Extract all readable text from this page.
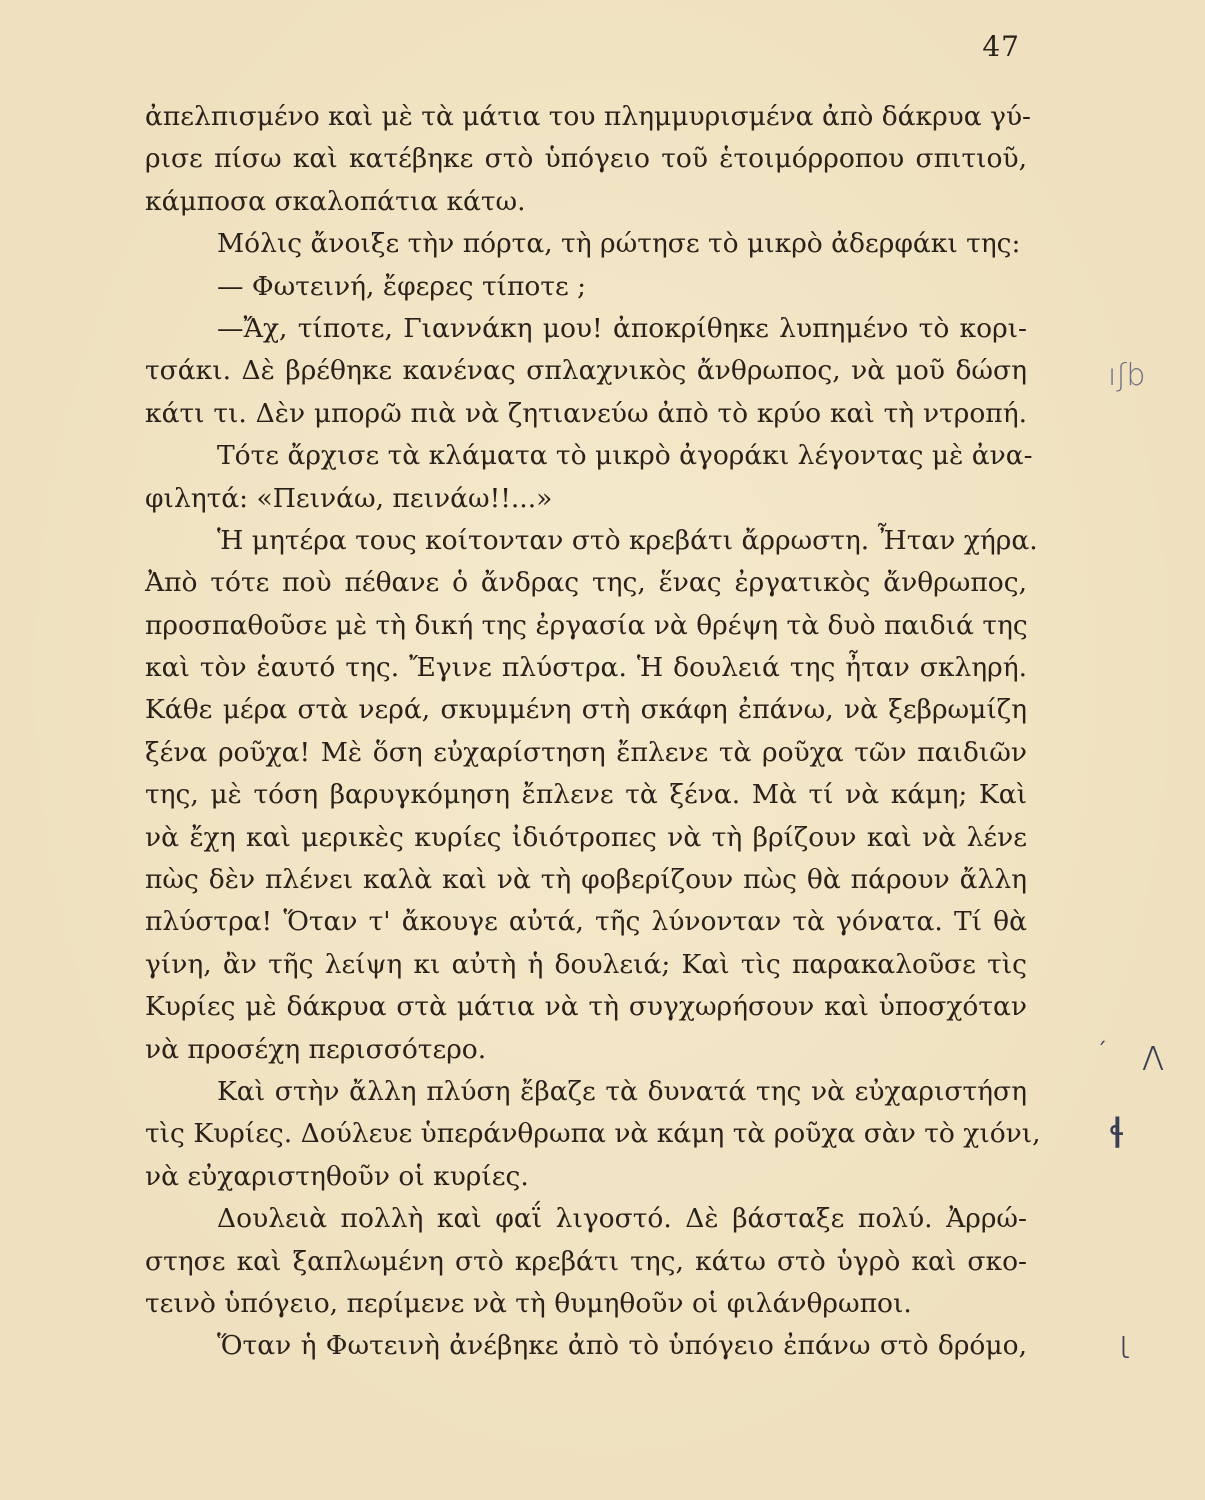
47
ἀπελπισμένο καὶ μὲ τὰ μάτια του πλημμυρισμένα ἀπὸ δάκρυα γύ-
ρισε πίσω καὶ κατέβηκε στὸ ὑπόγειο τοῦ ἑτοιμόρροπου σπιτιοῦ,
κάμποσα σκαλοπάτια κάτω.
Μόλις ἄνοιξε τὴν πόρτα, τὴ ρώτησε τὸ μικρὸ ἀδερφάκι της:
— Φωτεινή, ἔφερες τίποτε ;
—Ἄχ, τίποτε, Γιαννάκη μου! ἀποκρίθηκε λυπημένο τὸ κορι-
τσάκι. Δὲ βρέθηκε κανένας σπλαχνικὸς ἄνθρωπος, νὰ μοῦ δώση
κάτι τι. Δὲν μπορῶ πιὰ νὰ ζητιανεύω ἀπὸ τὸ κρύο καὶ τὴ ντροπή.
Τότε ἄρχισε τὰ κλάματα τὸ μικρὸ ἀγοράκι λέγοντας μὲ ἀνα-
φιλητά: «Πεινάω, πεινάω!!...»
Ἡ μητέρα τους κοίτονταν στὸ κρεβάτι ἄρρωστη. Ἦταν χήρα.
Ἀπὸ τότε ποὺ πέθανε ὁ ἄνδρας της, ἕνας ἐργατικὸς ἄνθρωπος,
προσπαθοῦσε μὲ τὴ δική της ἐργασία νὰ θρέψη τὰ δυὸ παιδιά της
καὶ τὸν ἑαυτό της. Ἔγινε πλύστρα. Ἡ δουλειά της ἦταν σκληρή.
Κάθε μέρα στὰ νερά, σκυμμένη στὴ σκάφη ἐπάνω, νὰ ξεβρωμίζη
ξένα ροῦχα! Μὲ ὅση εὐχαρίστηση ἔπλενε τὰ ροῦχα τῶν παιδιῶν
της, μὲ τόση βαρυγκόμηση ἔπλενε τὰ ξένα. Μὰ τί νὰ κάμη; Καὶ
νὰ ἔχη καὶ μερικὲς κυρίες ἰδιότροπες νὰ τὴ βρίζουν καὶ νὰ λένε
πὼς δὲν πλένει καλὰ καὶ νὰ τὴ φοβερίζουν πὼς θὰ πάρουν ἄλλη
πλύστρα! Ὅταν τ' ἄκουγε αὐτά, τῆς λύνονταν τὰ γόνατα. Τί θὰ
γίνη, ἂν τῆς λείψη κι αὐτὴ ἡ δουλειά; Καὶ τὶς παρακαλοῦσε τὶς
Κυρίες μὲ δάκρυα στὰ μάτια νὰ τὴ συγχωρήσουν καὶ ὑποσχόταν
νὰ προσέχη περισσότερο.
Καὶ στὴν ἄλλη πλύση ἔβαζε τὰ δυνατά της νὰ εὐχαριστήση
τὶς Κυρίες. Δούλευε ὑπεράνθρωπα νὰ κάμη τὰ ροῦχα σὰν τὸ χιόνι,
νὰ εὐχαριστηθοῦν οἱ κυρίες.
Δουλειὰ πολλὴ καὶ φαΐ λιγοστό. Δὲ βάσταξε πολύ. Ἀρρώ-
στησε καὶ ξαπλωμένη στὸ κρεβάτι της, κάτω στὸ ὑγρὸ καὶ σκο-
τεινὸ ὑπόγειο, περίμενε νὰ τὴ θυμηθοῦν οἱ φιλάνθρωποι.
Ὅταν ἡ Φωτεινὴ ἀνέβηκε ἀπὸ τὸ ὑπόγειο ἐπάνω στὸ δρόμο,
ıʃb
ˊ ʌ
ɬ
ɩ
